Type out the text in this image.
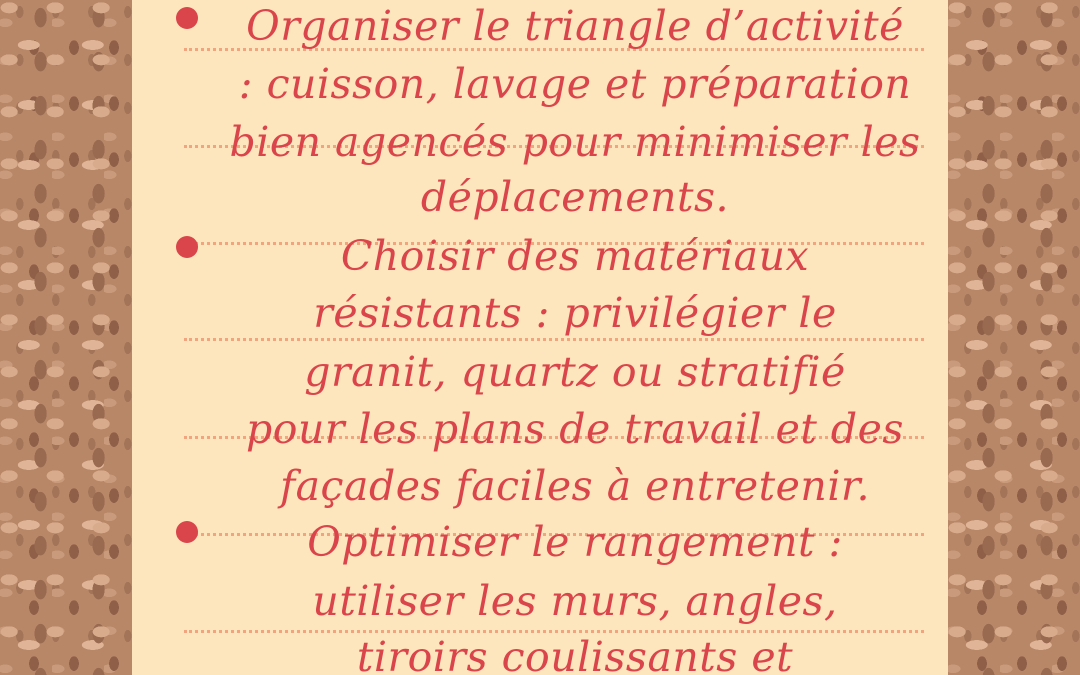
Organiser le triangle d’activité
: cuisson, lavage et préparation
bien agencés pour minimiser les
déplacements.
Choisir des matériaux
résistants : privilégier le
granit, quartz ou stratifié
pour les plans de travail et des
façades faciles à entretenir.
Optimiser le rangement :
utiliser les murs, angles,
tiroirs coulissants et
